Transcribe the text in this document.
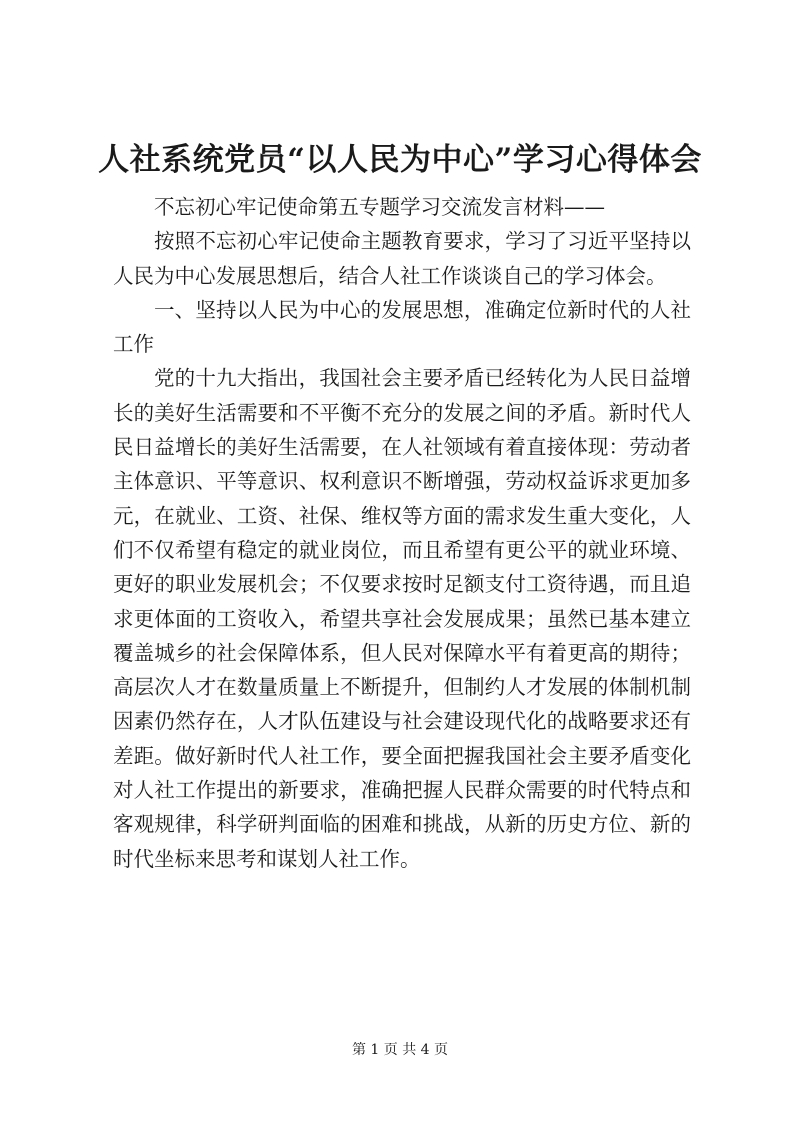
人社系统党员“以人民为中心”学习心得体会

不忘初心牢记使命第五专题学习交流发言材料——

按照不忘初心牢记使命主题教育要求，学习了习近平坚持以人民为中心发展思想后，结合人社工作谈谈自己的学习体会。

一、坚持以人民为中心的发展思想，准确定位新时代的人社工作

党的十九大指出，我国社会主要矛盾已经转化为人民日益增长的美好生活需要和不平衡不充分的发展之间的矛盾。新时代人民日益增长的美好生活需要，在人社领域有着直接体现：劳动者主体意识、平等意识、权利意识不断增强，劳动权益诉求更加多元，在就业、工资、社保、维权等方面的需求发生重大变化，人们不仅希望有稳定的就业岗位，而且希望有更公平的就业环境、更好的职业发展机会；不仅要求按时足额支付工资待遇，而且追求更体面的工资收入，希望共享社会发展成果；虽然已基本建立覆盖城乡的社会保障体系，但人民对保障水平有着更高的期待；高层次人才在数量质量上不断提升，但制约人才发展的体制机制因素仍然存在，人才队伍建设与社会建设现代化的战略要求还有差距。做好新时代人社工作，要全面把握我国社会主要矛盾变化对人社工作提出的新要求，准确把握人民群众需要的时代特点和客观规律，科学研判面临的困难和挑战，从新的历史方位、新的时代坐标来思考和谋划人社工作。

第 1 页 共 4 页
